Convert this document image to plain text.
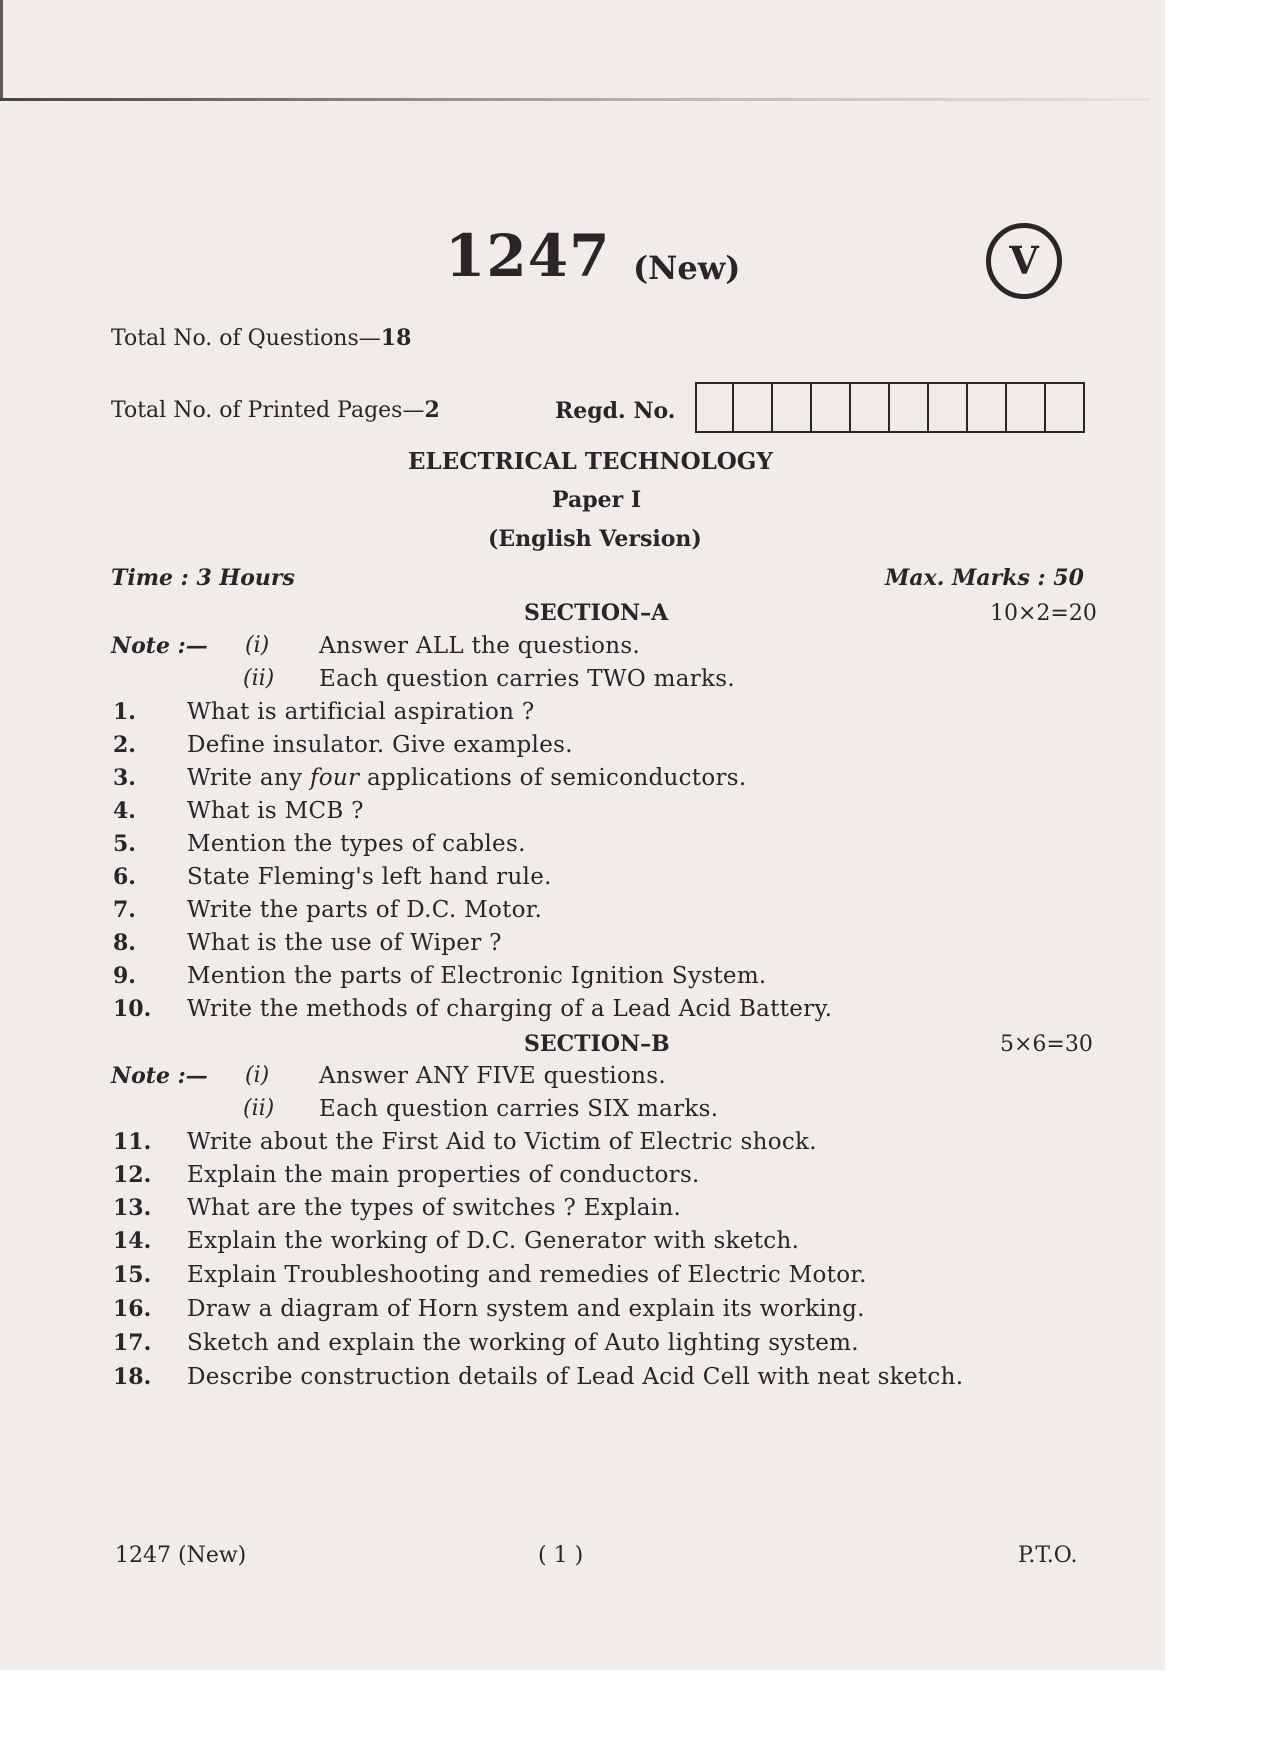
1247 (New)	V
Total No. of Questions—18
Total No. of Printed Pages—2	Regd. No.
ELECTRICAL TECHNOLOGY
Paper I
(English Version)
Time : 3 Hours	Max. Marks : 50
SECTION–A	10×2=20
Note :— (i) Answer ALL the questions.
(ii) Each question carries TWO marks.
1. What is artificial aspiration ?
2. Define insulator. Give examples.
3. Write any four applications of semiconductors.
4. What is MCB ?
5. Mention the types of cables.
6. State Fleming's left hand rule.
7. Write the parts of D.C. Motor.
8. What is the use of Wiper ?
9. Mention the parts of Electronic Ignition System.
10. Write the methods of charging of a Lead Acid Battery.
SECTION–B	5×6=30
Note :— (i) Answer ANY FIVE questions.
(ii) Each question carries SIX marks.
11. Write about the First Aid to Victim of Electric shock.
12. Explain the main properties of conductors.
13. What are the types of switches ? Explain.
14. Explain the working of D.C. Generator with sketch.
15. Explain Troubleshooting and remedies of Electric Motor.
16. Draw a diagram of Horn system and explain its working.
17. Sketch and explain the working of Auto lighting system.
18. Describe construction details of Lead Acid Cell with neat sketch.
1247 (New)	( 1 )	P.T.O.
